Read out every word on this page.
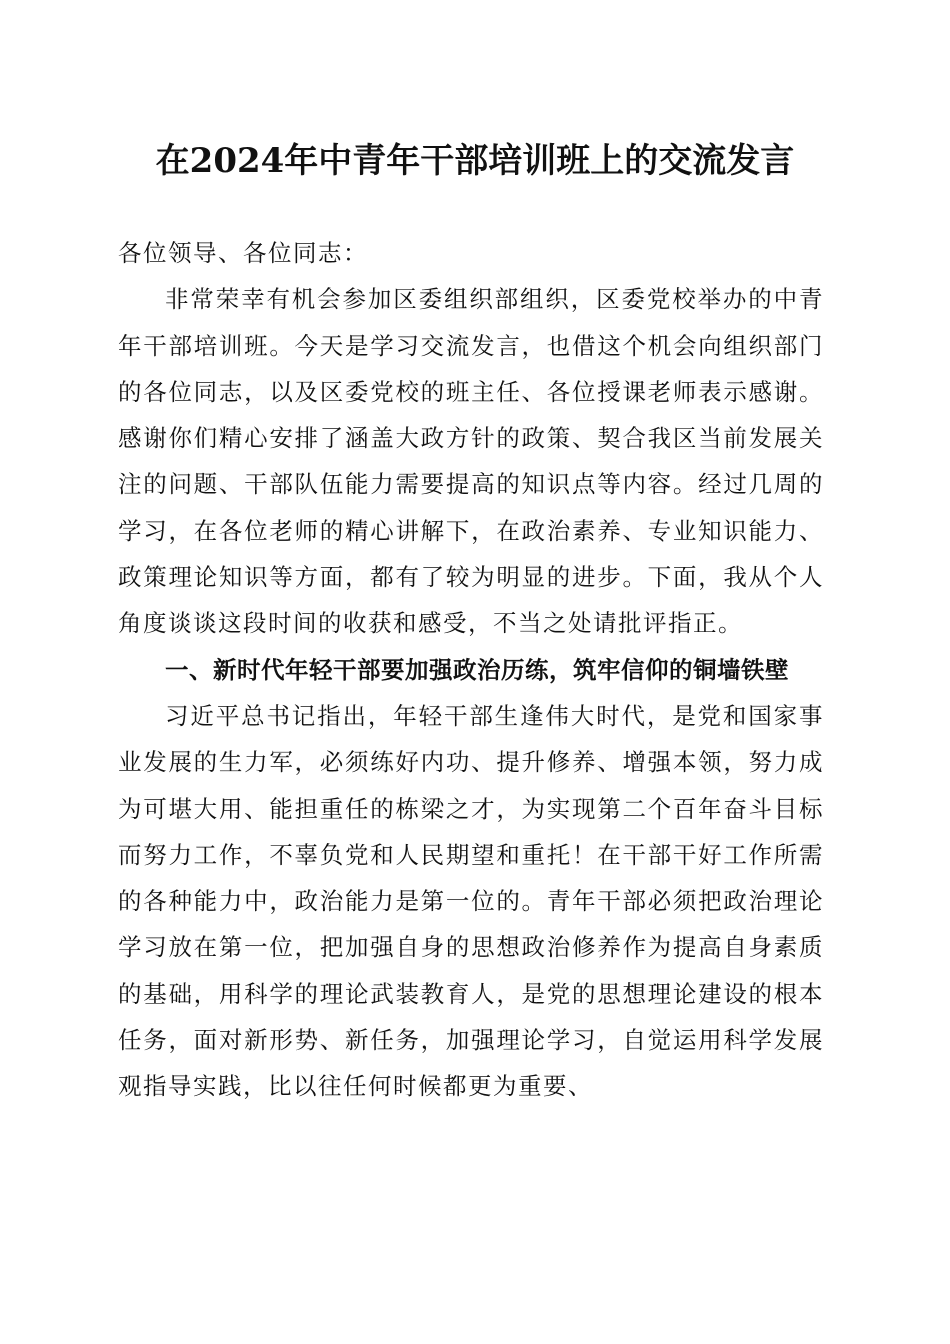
在2024年中青年干部培训班上的交流发言

各位领导、各位同志：

非常荣幸有机会参加区委组织部组织，区委党校举办的中青年干部培训班。今天是学习交流发言，也借这个机会向组织部门的各位同志，以及区委党校的班主任、各位授课老师表示感谢。感谢你们精心安排了涵盖大政方针的政策、契合我区当前发展关注的问题、干部队伍能力需要提高的知识点等内容。经过几周的学习，在各位老师的精心讲解下，在政治素养、专业知识能力、政策理论知识等方面，都有了较为明显的进步。下面，我从个人角度谈谈这段时间的收获和感受，不当之处请批评指正。

一、新时代年轻干部要加强政治历练，筑牢信仰的铜墙铁壁

习近平总书记指出，年轻干部生逢伟大时代，是党和国家事业发展的生力军，必须练好内功、提升修养、增强本领，努力成为可堪大用、能担重任的栋梁之才，为实现第二个百年奋斗目标而努力工作，不辜负党和人民期望和重托！在干部干好工作所需的各种能力中，政治能力是第一位的。青年干部必须把政治理论学习放在第一位，把加强自身的思想政治修养作为提高自身素质的基础，用科学的理论武装教育人，是党的思想理论建设的根本任务，面对新形势、新任务，加强理论学习，自觉运用科学发展观指导实践，比以往任何时候都更为重要、
